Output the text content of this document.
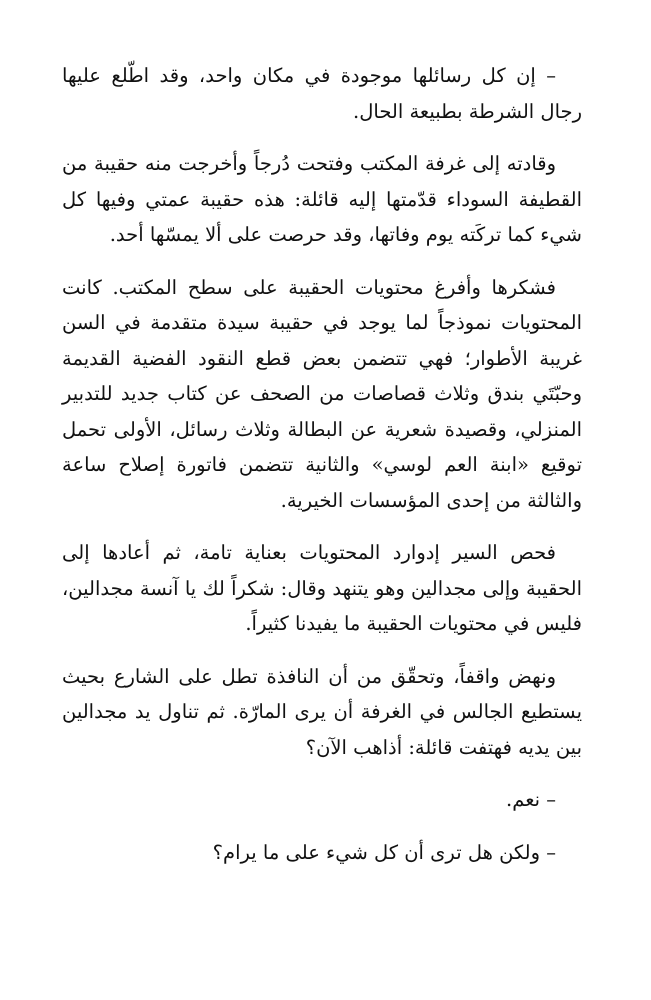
– إن كل رسائلها موجودة في مكان واحد، وقد اطّلع عليها رجال الشرطة بطبيعة الحال.

وقادته إلى غرفة المكتب وفتحت دُرجاً وأخرجت منه حقيبة من القطيفة السوداء قدّمتها إليه قائلة: هذه حقيبة عمتي وفيها كل شيء كما تركَته يوم وفاتها، وقد حرصت على ألا يمسّها أحد.

فشكرها وأفرغ محتويات الحقيبة على سطح المكتب. كانت المحتويات نموذجاً لما يوجد في حقيبة سيدة متقدمة في السن غريبة الأطوار؛ فهي تتضمن بعض قطع النقود الفضية القديمة وحبّتَي بندق وثلاث قصاصات من الصحف عن كتاب جديد للتدبير المنزلي، وقصيدة شعرية عن البطالة وثلاث رسائل، الأولى تحمل توقيع «ابنة العم لوسي» والثانية تتضمن فاتورة إصلاح ساعة والثالثة من إحدى المؤسسات الخيرية.

فحص السير إدوارد المحتويات بعناية تامة، ثم أعادها إلى الحقيبة وإلى مجدالين وهو يتنهد وقال: شكراً لك يا آنسة مجدالين، فليس في محتويات الحقيبة ما يفيدنا كثيراً.

ونهض واقفاً، وتحقّق من أن النافذة تطل على الشارع بحيث يستطيع الجالس في الغرفة أن يرى المارّة. ثم تناول يد مجدالين بين يديه فهتفت قائلة: أذاهب الآن؟

– نعم.

– ولكن هل ترى أن كل شيء على ما يرام؟
